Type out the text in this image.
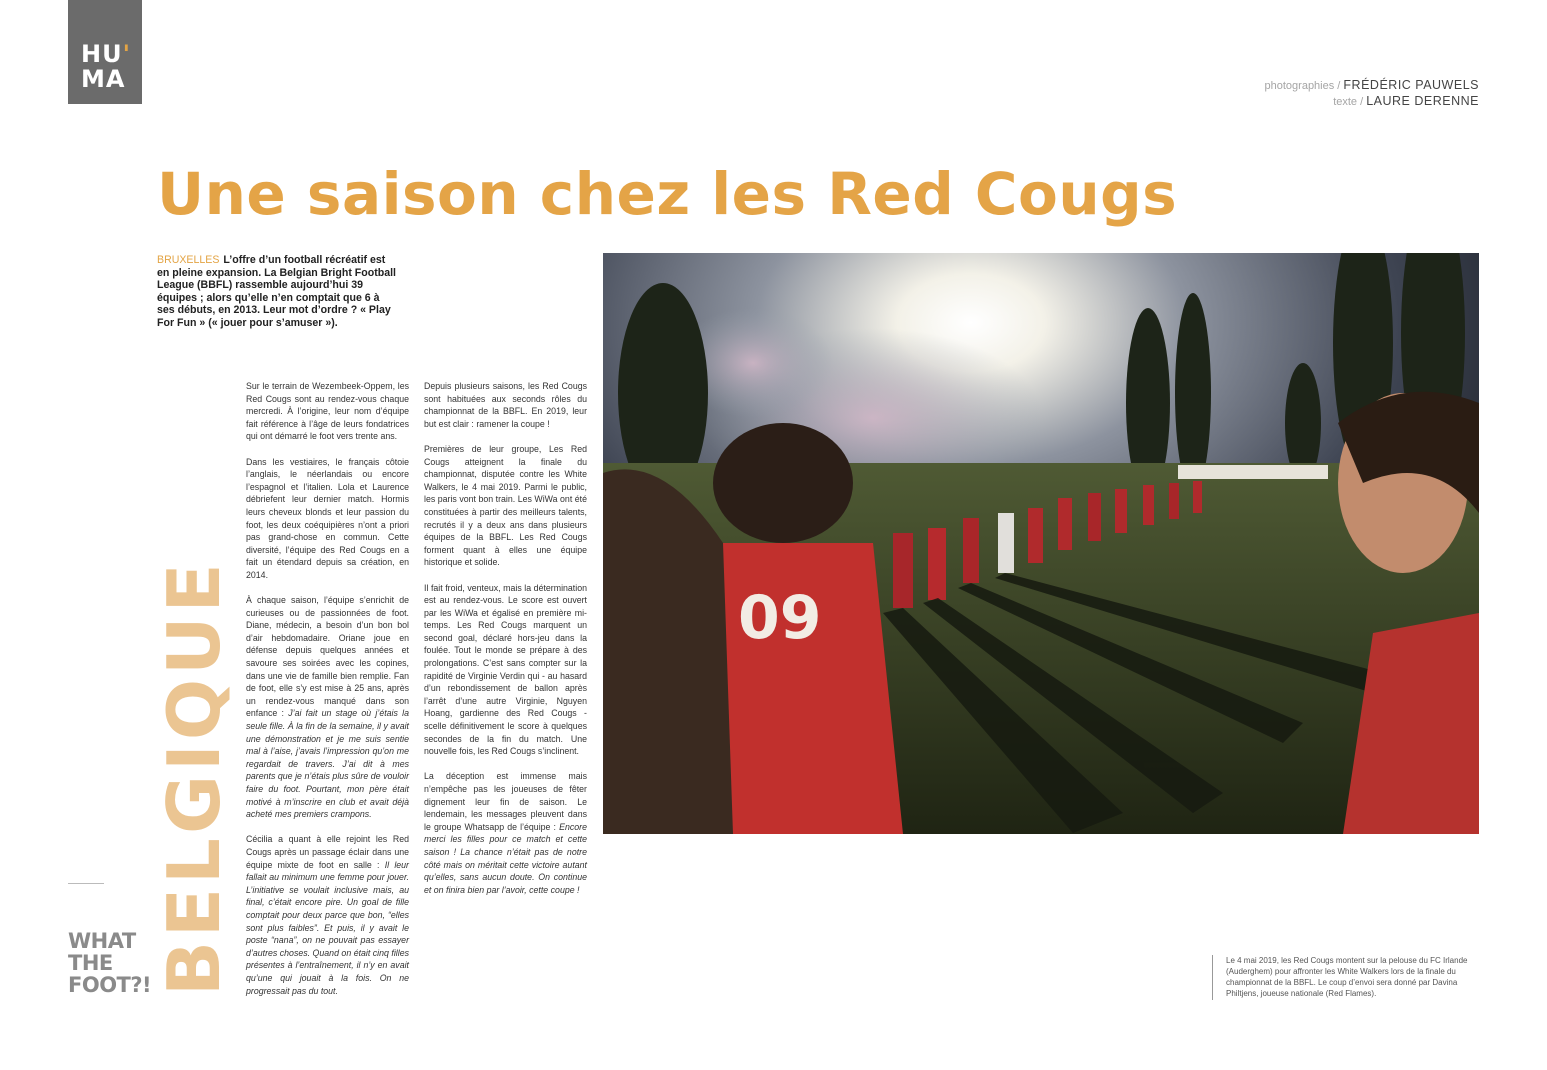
HU'
MA	photographies / FRÉDÉRIC PAUWELS
texte / LAURE DERENNE
Une saison chez les Red Cougs

BRUXELLES L’offre d’un football récréatif est en pleine expansion. La Belgian Bright Football League (BBFL) rassemble aujourd’hui 39 équipes ; alors qu’elle n’en comptait que 6 à ses débuts, en 2013. Leur mot d’ordre ? « Play For Fun » (« jouer pour s’amuser »).

Sur le terrain de Wezembeek-Oppem, les Red Cougs sont au rendez-vous chaque mercredi. À l’origine, leur nom d’équipe fait référence à l’âge de leurs fondatrices qui ont démarré le foot vers trente ans.

Dans les vestiaires, le français côtoie l’anglais, le néerlandais ou encore l’espagnol et l’italien. Lola et Laurence débriefent leur dernier match. Hormis leurs cheveux blonds et leur passion du foot, les deux coéquipières n’ont a priori pas grand-chose en commun. Cette diversité, l’équipe des Red Cougs en a fait un étendard depuis sa création, en 2014.

À chaque saison, l’équipe s’enrichit de curieuses ou de passionnées de foot. Diane, médecin, a besoin d’un bon bol d’air hebdomadaire. Oriane joue en défense depuis quelques années et savoure ses soirées avec les copines, dans une vie de famille bien remplie. Fan de foot, elle s’y est mise à 25 ans, après un rendez-vous manqué dans son enfance : J’ai fait un stage où j’étais la seule fille. À la fin de la semaine, il y avait une démonstration et je me suis sentie mal à l’aise, j’avais l’impression qu’on me regardait de travers. J’ai dit à mes parents que je n’étais plus sûre de vouloir faire du foot. Pourtant, mon père était motivé à m’inscrire en club et avait déjà acheté mes premiers crampons.

Cécilia a quant à elle rejoint les Red Cougs après un passage éclair dans une équipe mixte de foot en salle : Il leur fallait au minimum une femme pour jouer. L’initiative se voulait inclusive mais, au final, c’était encore pire. Un goal de fille comptait pour deux parce que bon, “elles sont plus faibles”. Et puis, il y avait le poste “nana”, on ne pouvait pas essayer d’autres choses. Quand on était cinq filles présentes à l’entraînement, il n’y en avait qu’une qui jouait à la fois. On ne progressait pas du tout.

Depuis plusieurs saisons, les Red Cougs sont habituées aux seconds rôles du championnat de la BBFL. En 2019, leur but est clair : ramener la coupe !

Premières de leur groupe, Les Red Cougs atteignent la finale du championnat, disputée contre les White Walkers, le 4 mai 2019. Parmi le public, les paris vont bon train. Les WiWa ont été constituées à partir des meilleurs talents, recrutés il y a deux ans dans plusieurs équipes de la BBFL. Les Red Cougs forment quant à elles une équipe historique et solide.

Il fait froid, venteux, mais la détermination est au rendez-vous. Le score est ouvert par les WiWa et égalisé en première mi-temps. Les Red Cougs marquent un second goal, déclaré hors-jeu dans la foulée. Tout le monde se prépare à des prolongations. C’est sans compter sur la rapidité de Virginie Verdin qui - au hasard d’un rebondissement de ballon après l’arrêt d’une autre Virginie, Nguyen Hoang, gardienne des Red Cougs - scelle définitivement le score à quelques secondes de la fin du match. Une nouvelle fois, les Red Cougs s’inclinent.

La déception est immense mais n’empêche pas les joueuses de fêter dignement leur fin de saison. Le lendemain, les messages pleuvent dans le groupe Whatsapp de l’équipe : Encore merci les filles pour ce match et cette saison ! La chance n’était pas de notre côté mais on méritait cette victoire autant qu’elles, sans aucun doute. On continue et on finira bien par l’avoir, cette coupe !

09
Le 4 mai 2019, les Red Cougs montent sur la pelouse du FC Irlande (Auderghem) pour affronter les White Walkers lors de la finale du championnat de la BBFL. Le coup d’envoi sera donné par Davina Philtjens, joueuse nationale (Red Flames).
BELGIQUE
WHAT
THE
FOOT?!
